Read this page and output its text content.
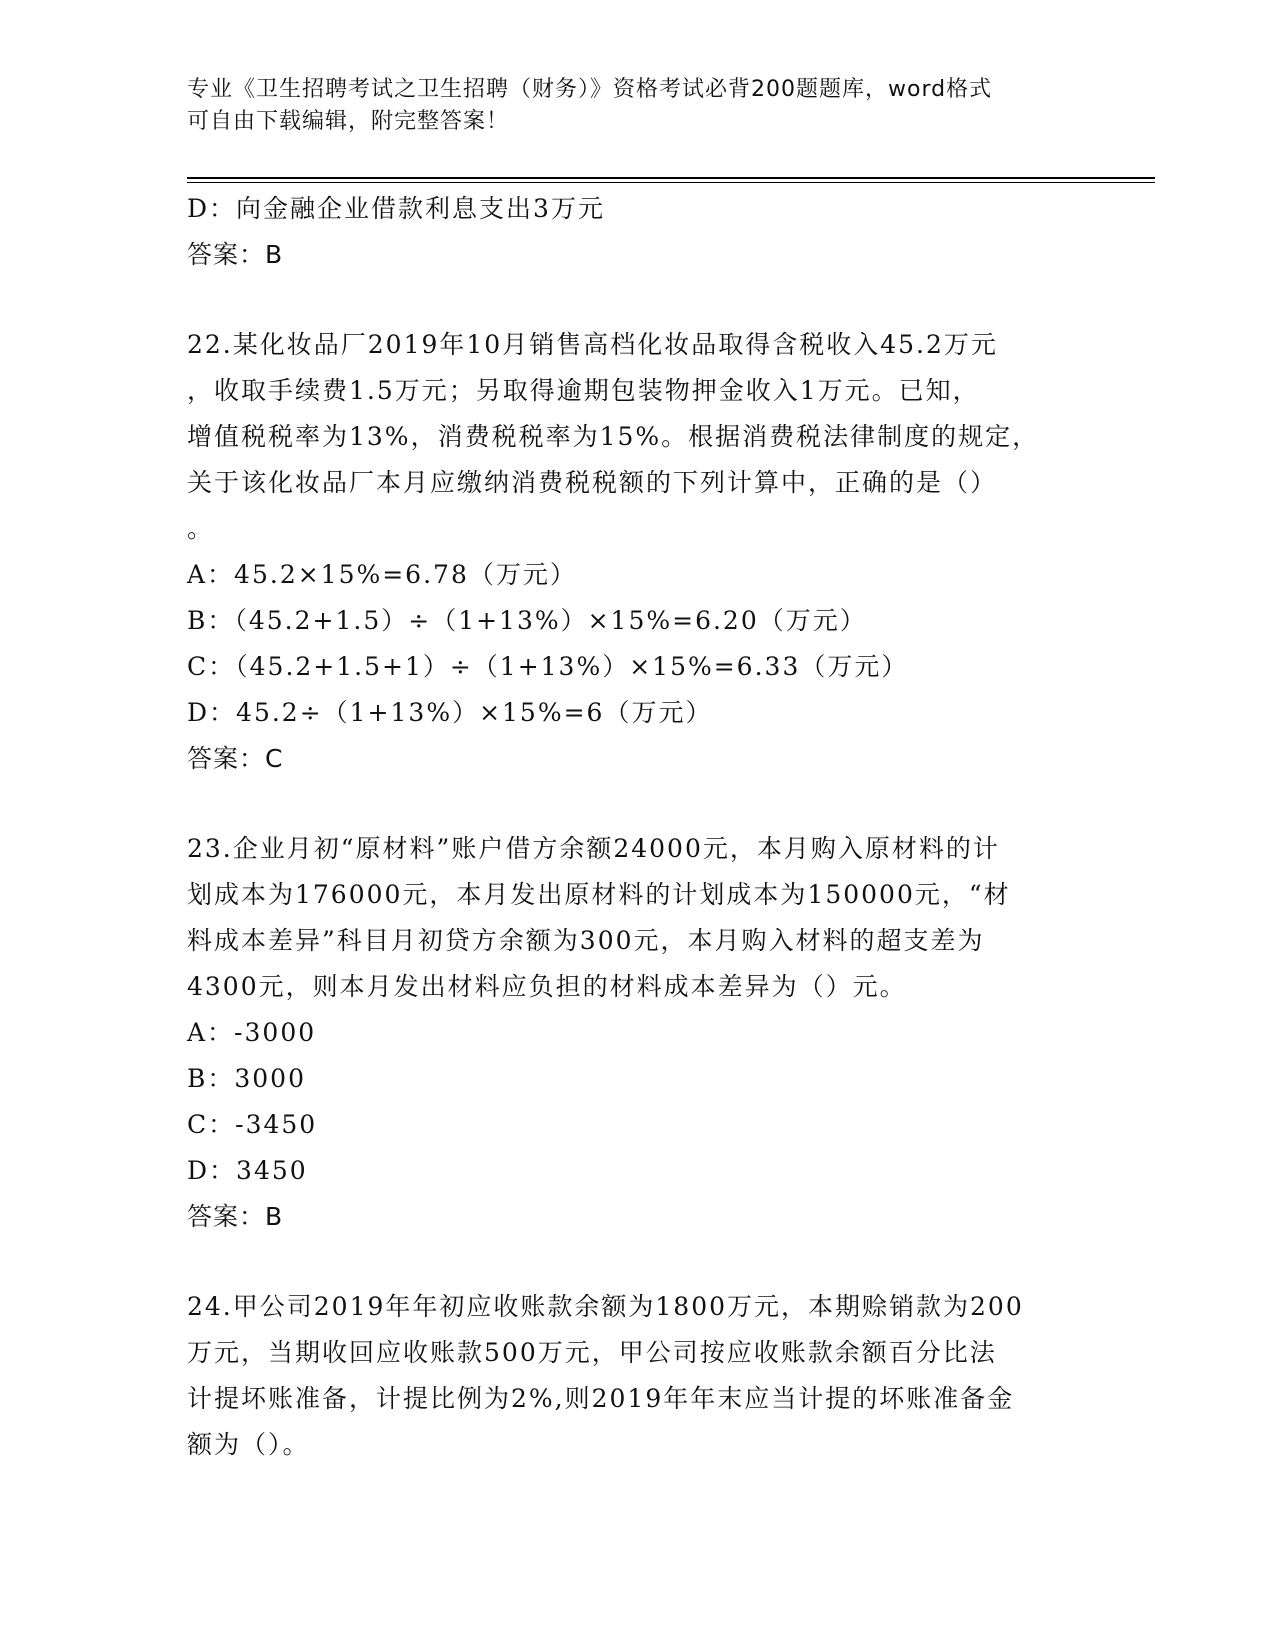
专业《卫生招聘考试之卫生招聘（财务）》资格考试必背200题题库，word格式
可自由下载编辑，附完整答案！
D：向金融企业借款利息支出3万元
答案：B
22.某化妆品厂2019年10月销售高档化妆品取得含税收入45.2万元
，收取手续费1.5万元；另取得逾期包装物押金收入1万元。已知，
增值税税率为13%，消费税税率为15%。根据消费税法律制度的规定，
关于该化妆品厂本月应缴纳消费税税额的下列计算中，正确的是（）
。
A：45.2×15%=6.78（万元）
B：（45.2+1.5）÷（1+13%）×15%=6.20（万元）
C：（45.2+1.5+1）÷（1+13%）×15%=6.33（万元）
D：45.2÷（1+13%）×15%=6（万元）
答案：C
23.企业月初“原材料”账户借方余额24000元，本月购入原材料的计
划成本为176000元，本月发出原材料的计划成本为150000元，“材
料成本差异”科目月初贷方余额为300元，本月购入材料的超支差为
4300元，则本月发出材料应负担的材料成本差异为（）元。
A：-3000
B：3000
C：-3450
D：3450
答案：B
24.甲公司2019年年初应收账款余额为1800万元，本期赊销款为200
万元，当期收回应收账款500万元，甲公司按应收账款余额百分比法
计提坏账准备，计提比例为2%,则2019年年末应当计提的坏账准备金
额为（）。
